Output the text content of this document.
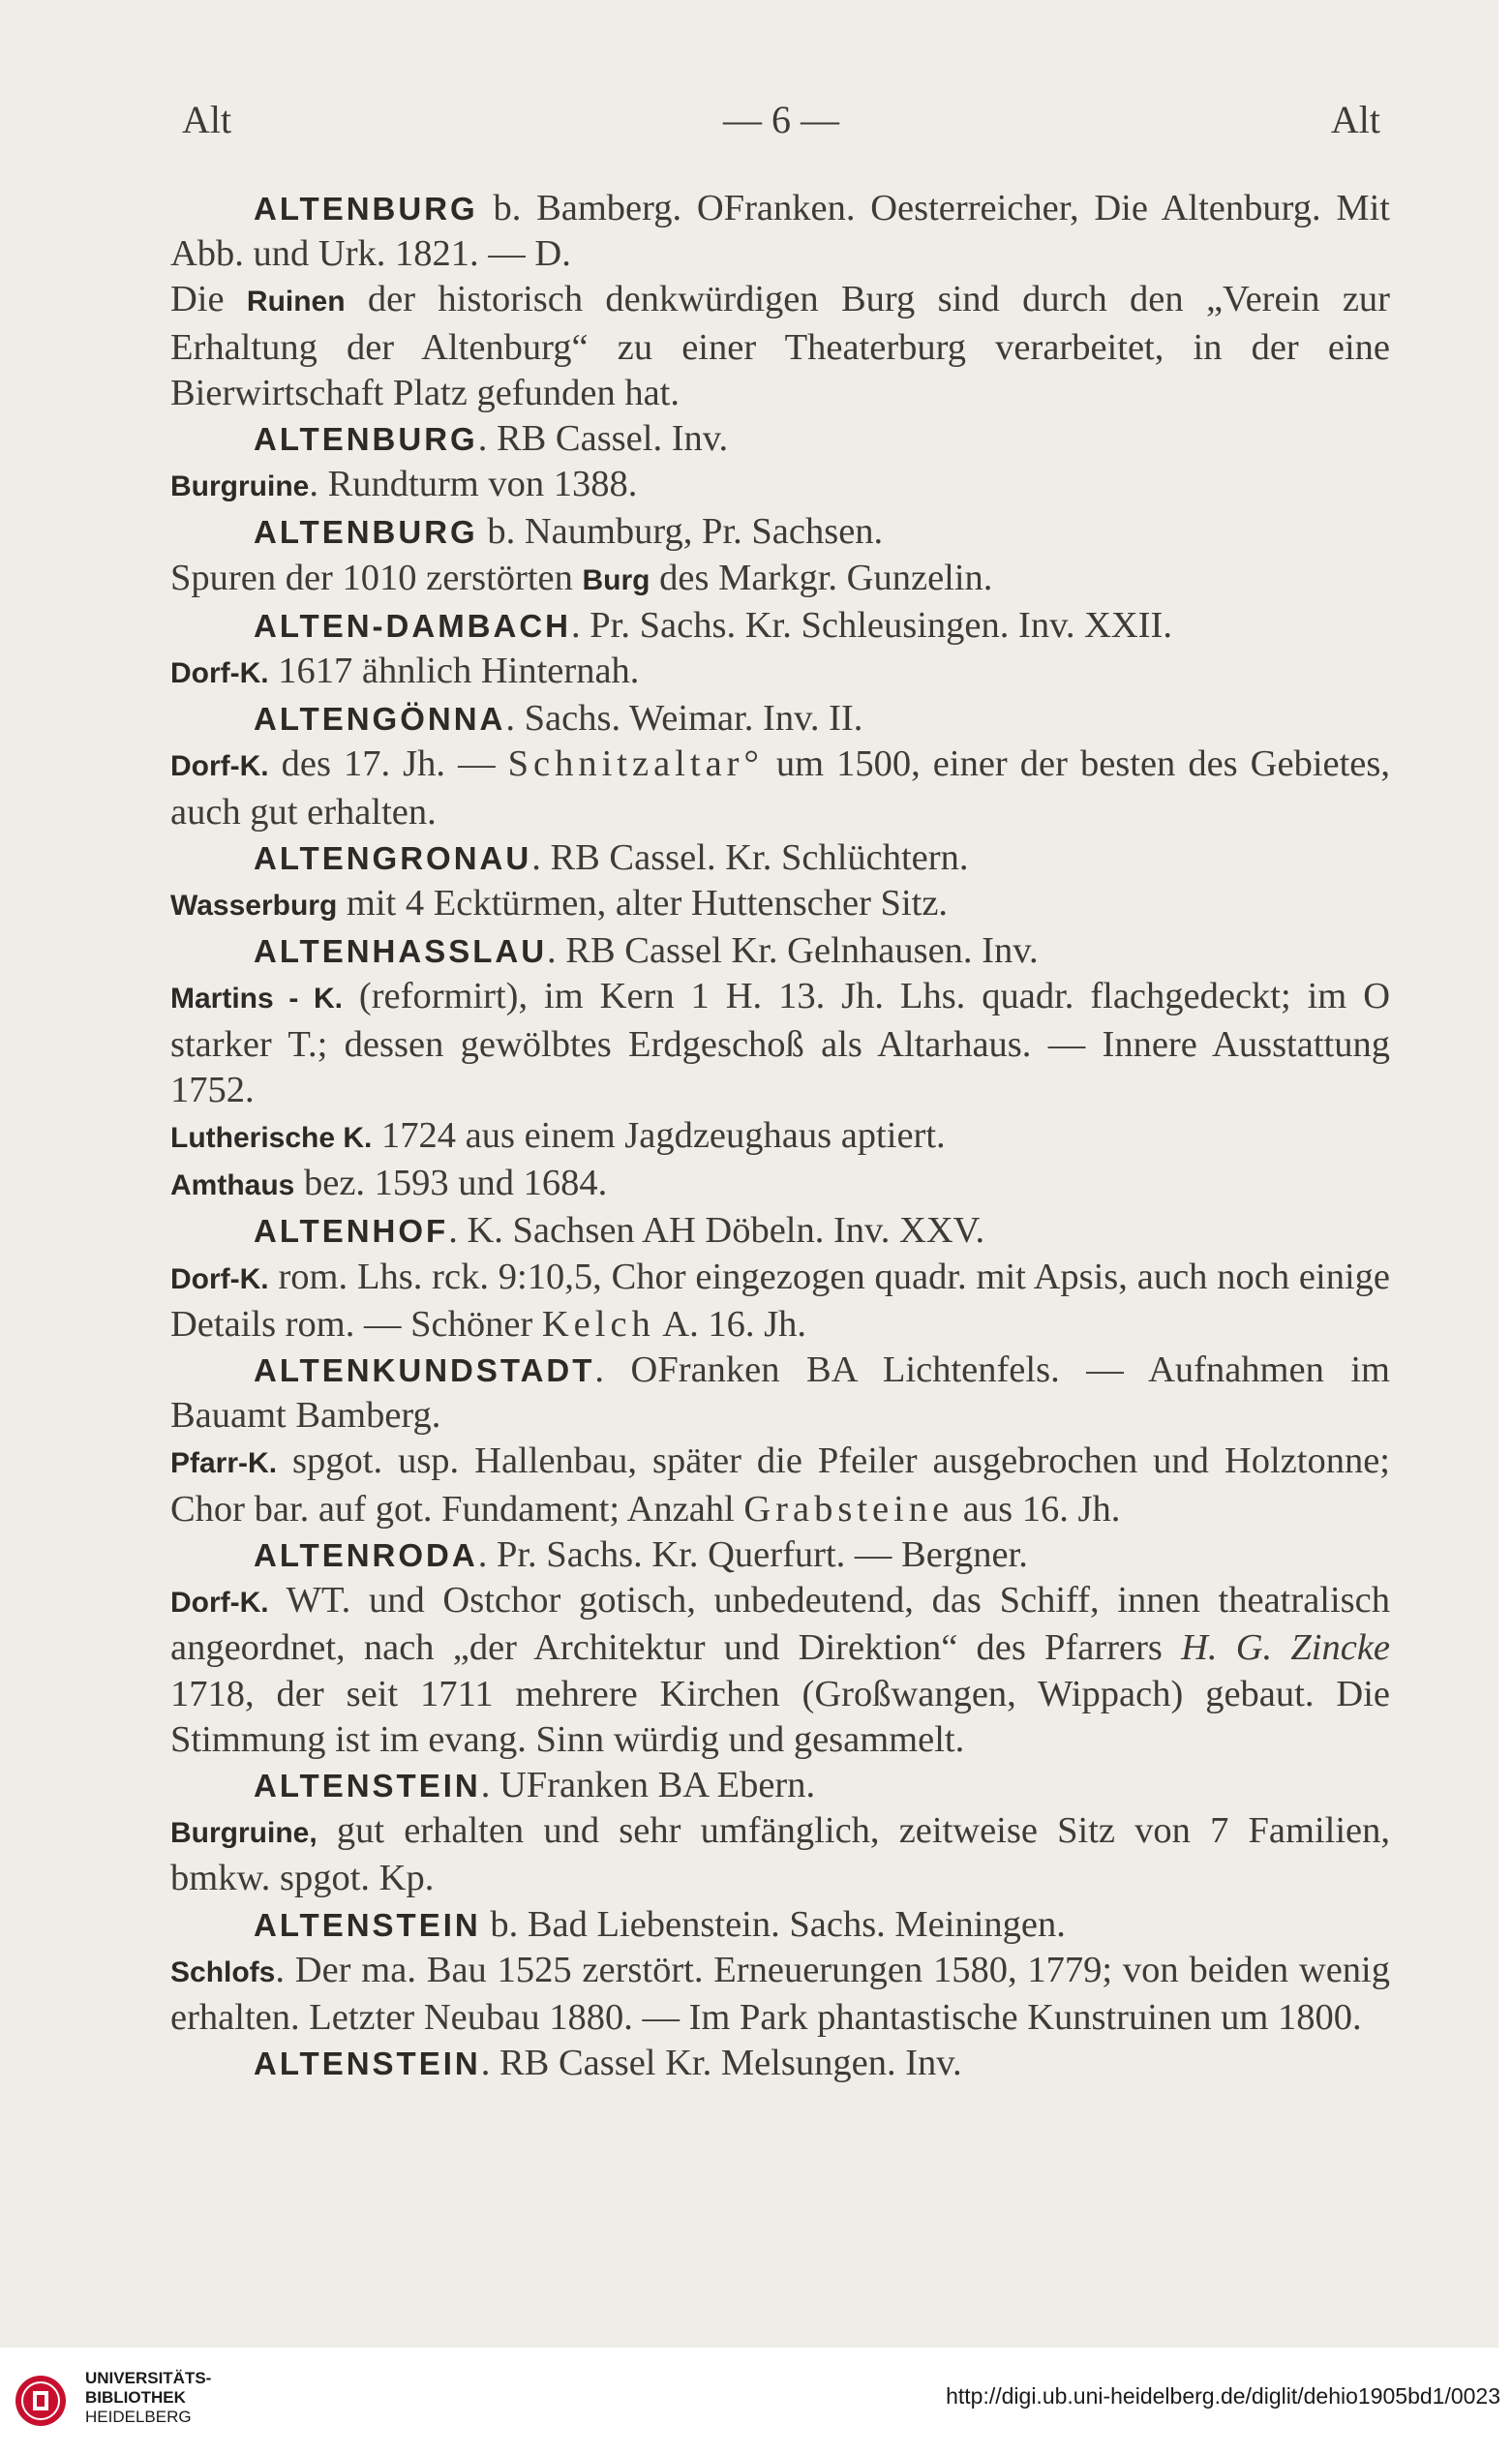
Alt	— 6 —	Alt

ALTENBURG b. Bamberg. OFranken. Oesterreicher, Die Altenburg. Mit Abb. und Urk. 1821. — D.
Die Ruinen der historisch denkwürdigen Burg sind durch den „Verein zur Erhaltung der Altenburg“ zu einer Theaterburg verarbeitet, in der eine Bierwirtschaft Platz gefunden hat.

ALTENBURG. RB Cassel. Inv.
Burgruine. Rundturm von 1388.

ALTENBURG b. Naumburg, Pr. Sachsen.
Spuren der 1010 zerstörten Burg des Markgr. Gunzelin.

ALTEN-DAMBACH. Pr. Sachs. Kr. Schleusingen. Inv. XXII.
Dorf-K. 1617 ähnlich Hinternah.

ALTENGÖNNA. Sachs. Weimar. Inv. II.
Dorf-K. des 17. Jh. — Schnitzaltar° um 1500, einer der besten des Gebietes, auch gut erhalten.

ALTENGRONAU. RB Cassel. Kr. Schlüchtern.
Wasserburg mit 4 Ecktürmen, alter Huttenscher Sitz.

ALTENHASSLAU. RB Cassel Kr. Gelnhausen. Inv.
Martins - K. (reformirt), im Kern 1 H. 13. Jh. Lhs. quadr. flachgedeckt; im O starker T.; dessen gewölbtes Erdgeschoß als Altarhaus. — Innere Ausstattung 1752.
Lutherische K. 1724 aus einem Jagdzeughaus aptiert.
Amthaus bez. 1593 und 1684.

ALTENHOF. K. Sachsen AH Döbeln. Inv. XXV.
Dorf-K. rom. Lhs. rck. 9:10,5, Chor eingezogen quadr. mit Apsis, auch noch einige Details rom. — Schöner Kelch A. 16. Jh.

ALTENKUNDSTADT. OFranken BA Lichtenfels. — Aufnahmen im Bauamt Bamberg.
Pfarr-K. spgot. usp. Hallenbau, später die Pfeiler ausgebrochen und Holztonne; Chor bar. auf got. Fundament; Anzahl Grabsteine aus 16. Jh.

ALTENRODA. Pr. Sachs. Kr. Querfurt. — Bergner.
Dorf-K. WT. und Ostchor gotisch, unbedeutend, das Schiff, innen theatralisch angeordnet, nach „der Architektur und Direktion“ des Pfarrers H. G. Zincke 1718, der seit 1711 mehrere Kirchen (Großwangen, Wippach) gebaut. Die Stimmung ist im evang. Sinn würdig und gesammelt.

ALTENSTEIN. UFranken BA Ebern.
Burgruine, gut erhalten und sehr umfänglich, zeitweise Sitz von 7 Familien, bmkw. spgot. Kp.

ALTENSTEIN b. Bad Liebenstein. Sachs. Meiningen.
Schlofs. Der ma. Bau 1525 zerstört. Erneuerungen 1580, 1779; von beiden wenig erhalten. Letzter Neubau 1880. — Im Park phantastische Kunstruinen um 1800.

ALTENSTEIN. RB Cassel Kr. Melsungen. Inv.

UNIVERSITÄTS-
BIBLIOTHEK
HEIDELBERG
http://digi.ub.uni-heidelberg.de/diglit/dehio1905bd1/0023
